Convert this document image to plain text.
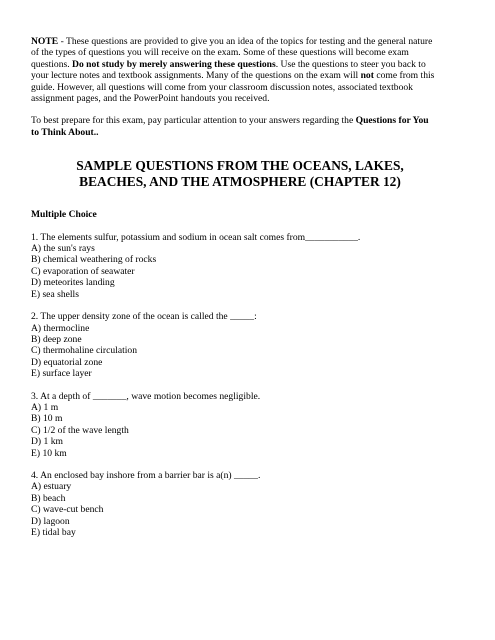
NOTE - These questions are provided to give you an idea of the topics for testing and the general nature of the types of questions you will receive on the exam. Some of these questions will become exam questions. Do not study by merely answering these questions. Use the questions to steer you back to your lecture notes and textbook assignments. Many of the questions on the exam will not come from this guide. However, all questions will come from your classroom discussion notes, associated textbook assignment pages, and the PowerPoint handouts you received.

To best prepare for this exam, pay particular attention to your answers regarding the Questions for You to Think About..

SAMPLE QUESTIONS FROM THE OCEANS, LAKES,
BEACHES, AND THE ATMOSPHERE (CHAPTER 12)

Multiple Choice

1. The elements sulfur, potassium and sodium in ocean salt comes from___________.

A) the sun's rays
B) chemical weathering of rocks
C) evaporation of seawater
D) meteorites landing
E) sea shells

2. The upper density zone of the ocean is called the _____:

A) thermocline
B) deep zone
C) thermohaline circulation
D) equatorial zone
E) surface layer

3. At a depth of _______, wave motion becomes negligible.

A) 1 m
B) 10 m
C) 1/2 of the wave length
D) 1 km
E) 10 km

4. An enclosed bay inshore from a barrier bar is a(n) _____.

A) estuary
B) beach
C) wave-cut bench
D) lagoon
E) tidal bay
